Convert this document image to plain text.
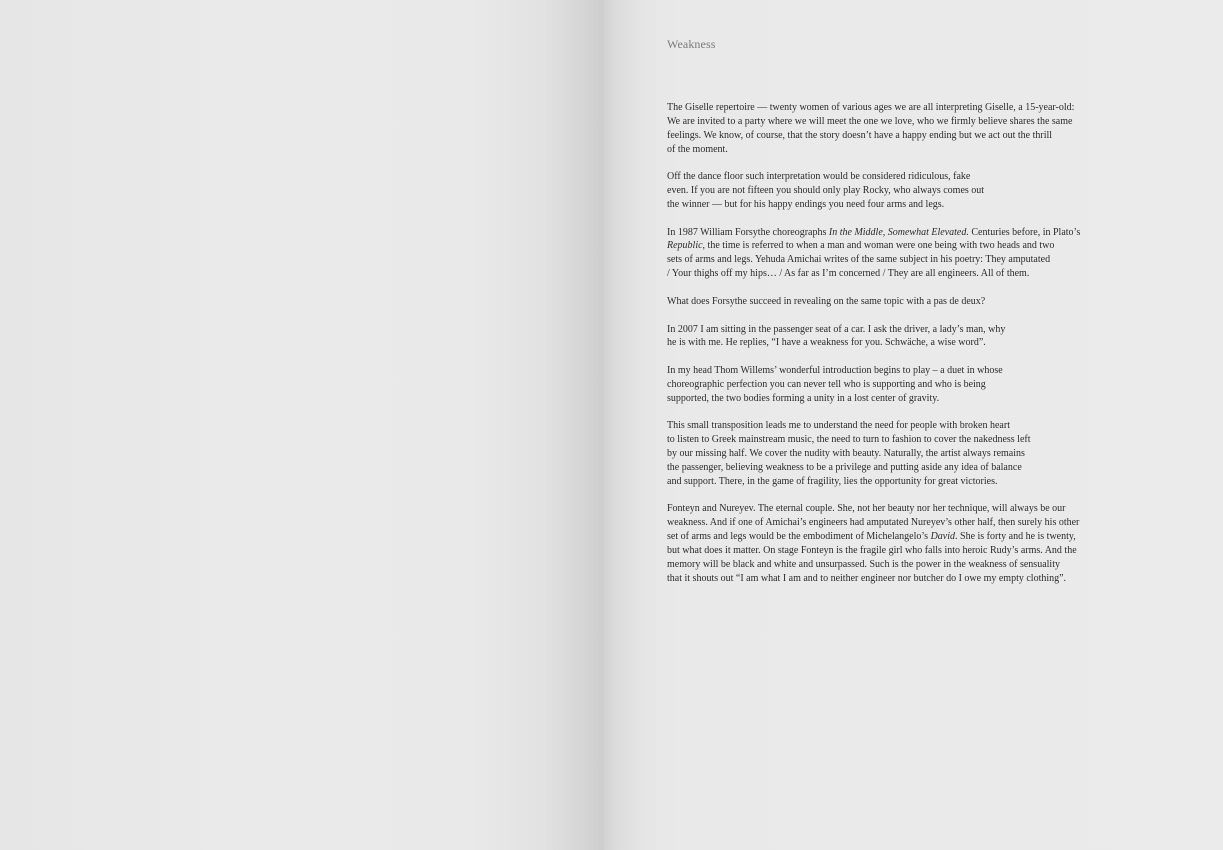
Weakness

The Giselle repertoire — twenty women of various ages we are all interpreting Giselle, a 15-year-old:
We are invited to a party where we will meet the one we love, who we firmly believe shares the same
feelings. We know, of course, that the story doesn’t have a happy ending but we act out the thrill
of the moment.

Off the dance floor such interpretation would be considered ridiculous, fake
even. If you are not fifteen you should only play Rocky, who always comes out
the winner — but for his happy endings you need four arms and legs.

In 1987 William Forsythe choreographs In the Middle, Somewhat Elevated. Centuries before, in Plato’s
Republic, the time is referred to when a man and woman were one being with two heads and two
sets of arms and legs. Yehuda Amichai writes of the same subject in his poetry: They amputated
/ Your thighs off my hips… / As far as I’m concerned / They are all engineers. All of them.

What does Forsythe succeed in revealing on the same topic with a pas de deux?

In 2007 I am sitting in the passenger seat of a car. I ask the driver, a lady’s man, why
he is with me. He replies, “I have a weakness for you. Schwäche, a wise word”.

In my head Thom Willems’ wonderful introduction begins to play – a duet in whose
choreographic perfection you can never tell who is supporting and who is being
supported, the two bodies forming a unity in a lost center of gravity.

This small transposition leads me to understand the need for people with broken heart
to listen to Greek mainstream music, the need to turn to fashion to cover the nakedness left
by our missing half. We cover the nudity with beauty. Naturally, the artist always remains
the passenger, believing weakness to be a privilege and putting aside any idea of balance
and support. There, in the game of fragility, lies the opportunity for great victories.

Fonteyn and Nureyev. The eternal couple. She, not her beauty nor her technique, will always be our
weakness. And if one of Amichai’s engineers had amputated Nureyev’s other half, then surely his other
set of arms and legs would be the embodiment of Michelangelo’s David. She is forty and he is twenty,
but what does it matter. On stage Fonteyn is the fragile girl who falls into heroic Rudy’s arms. And the
memory will be black and white and unsurpassed. Such is the power in the weakness of sensuality
that it shouts out “I am what I am and to neither engineer nor butcher do I owe my empty clothing”.
